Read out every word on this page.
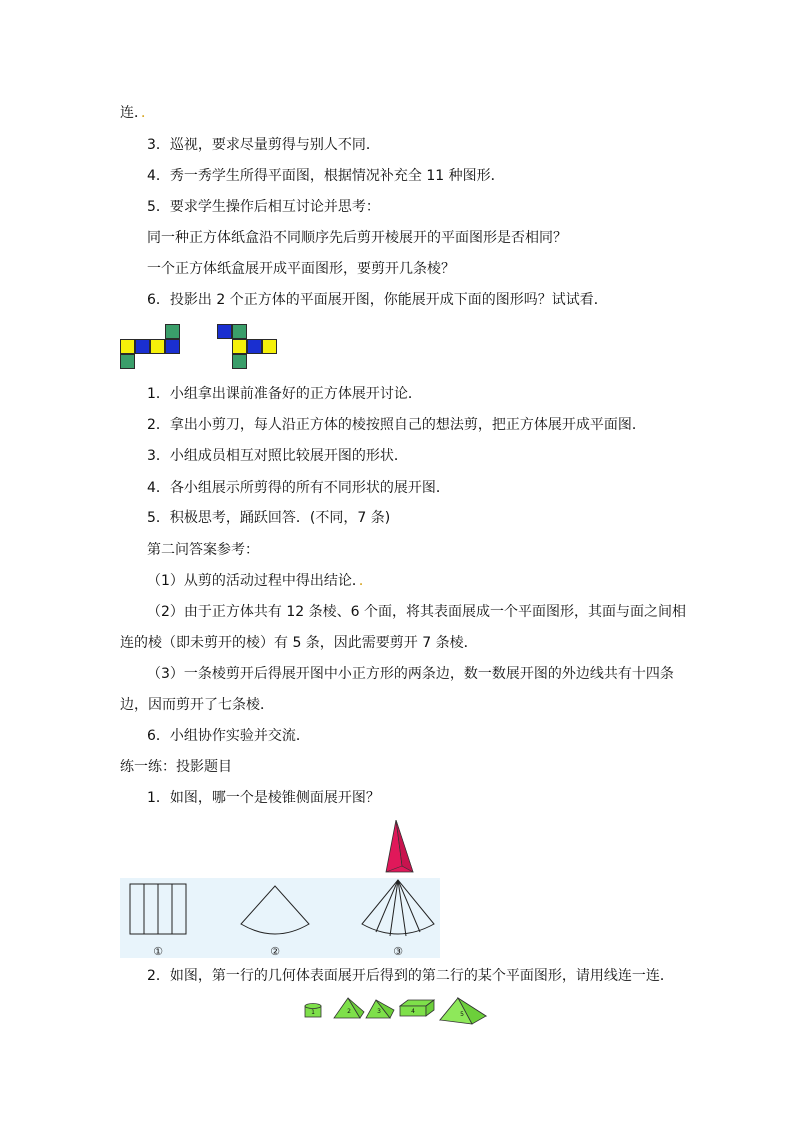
连．．
3．巡视，要求尽量剪得与别人不同．
4．秀一秀学生所得平面图，根据情况补充全 11 种图形．
5．要求学生操作后相互讨论并思考：
同一种正方体纸盒沿不同顺序先后剪开棱展开的平面图形是否相同？
一个正方体纸盒展开成平面图形，要剪开几条棱？
6．投影出 2 个正方体的平面展开图，你能展开成下面的图形吗？试试看．
1．小组拿出课前准备好的正方体展开讨论．
2．拿出小剪刀，每人沿正方体的棱按照自己的想法剪，把正方体展开成平面图．
3．小组成员相互对照比较展开图的形状．
4．各小组展示所剪得的所有不同形状的展开图．
5．积极思考，踊跃回答．(不同，7 条)
第二问答案参考：
（1）从剪的活动过程中得出结论．．
（2）由于正方体共有 12 条棱、6 个面，将其表面展成一个平面图形，其面与面之间相
连的棱（即未剪开的棱）有 5 条，因此需要剪开 7 条棱．
（3）一条棱剪开后得展开图中小正方形的两条边，数一数展开图的外边线共有十四条
边，因而剪开了七条棱．
6．小组协作实验并交流．
练一练：投影题目
1．如图，哪一个是棱锥侧面展开图？
①	②	③
2．如图，第一行的几何体表面展开后得到的第二行的某个平面图形，请用线连一连．
1	2	3	4	5
